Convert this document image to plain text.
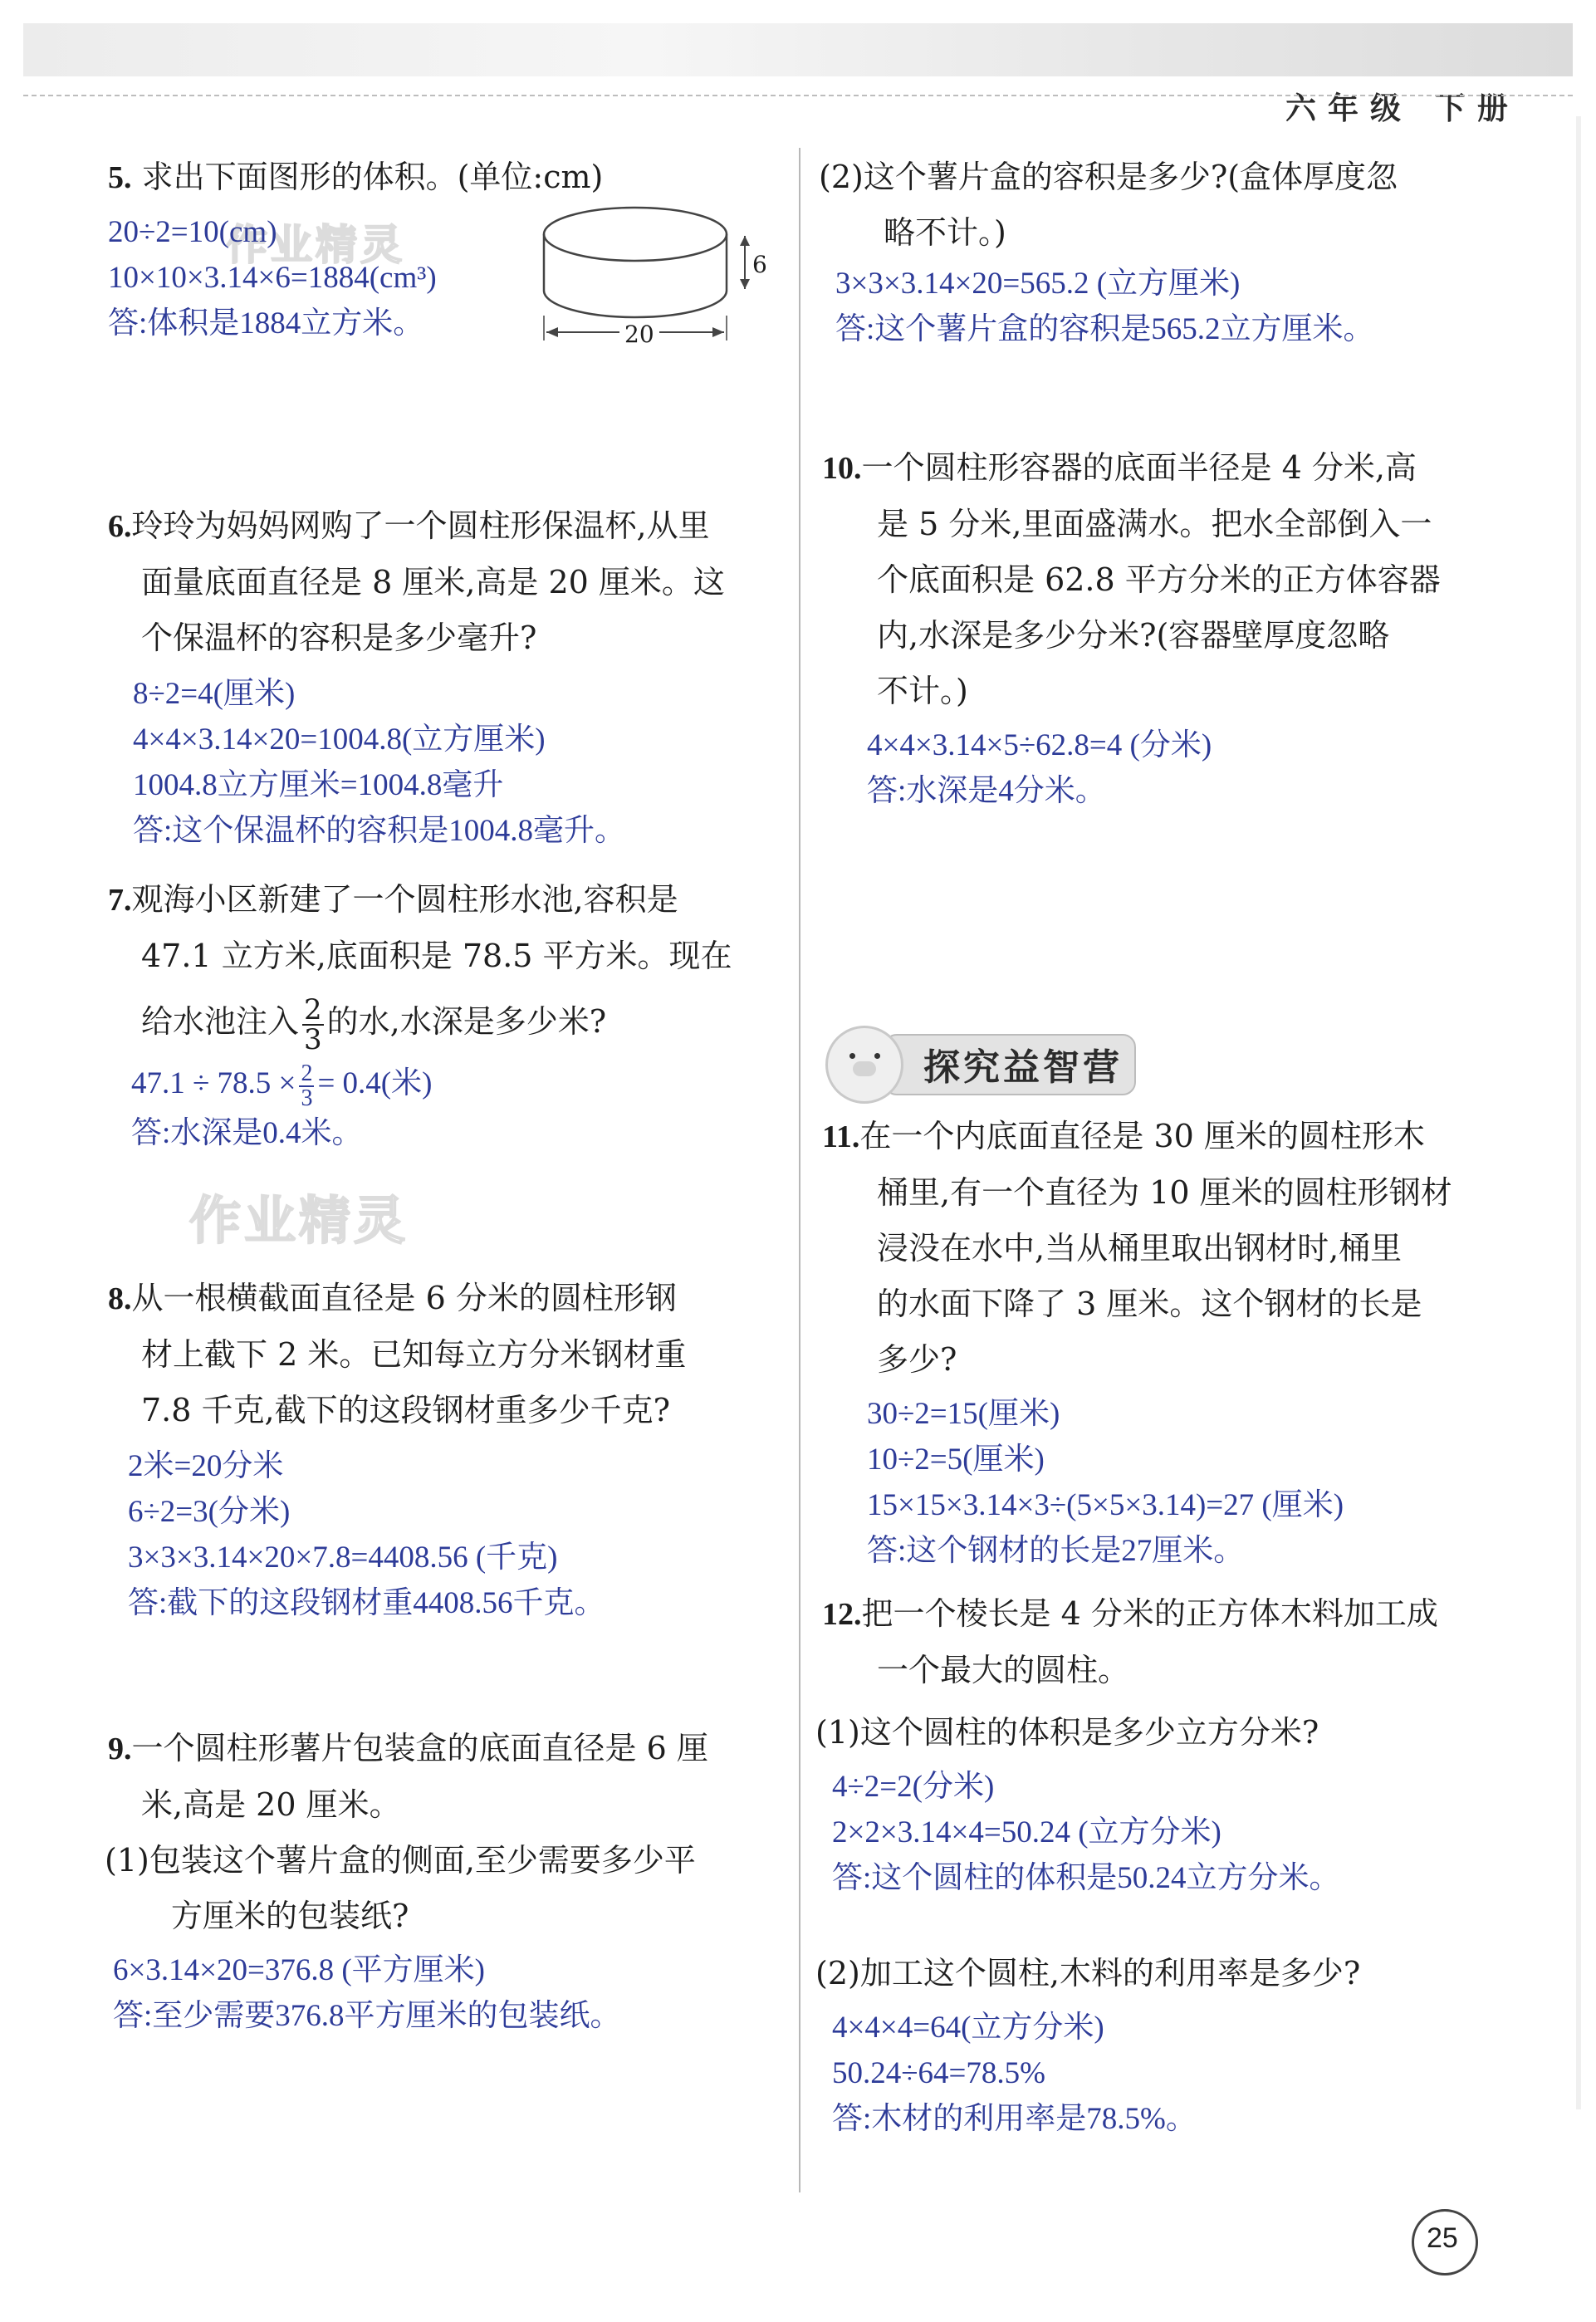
六年级 下册
作业精灵
作业精灵

5. 求出下面图形的体积。(单位:cm)

20÷2=10(cm)

10×10×3.14×6=1884(cm³)

答:体积是1884立方米。

6
20

6.玲玲为妈妈网购了一个圆柱形保温杯,从里

面量底面直径是 8 厘米,高是 20 厘米。这

个保温杯的容积是多少毫升?

8÷2=4(厘米)

4×4×3.14×20=1004.8(立方厘米)

1004.8立方厘米=1004.8毫升

答:这个保温杯的容积是1004.8毫升。

7.观海小区新建了一个圆柱形水池,容积是

47.1 立方米,底面积是 78.5 平方米。现在

给水池注入 $\frac{2}{3}$ 的水,水深是多少米?

$47.1 \div 78.5 \times \frac{2}{3} = 0.4$(米)

答:水深是0.4米。

8.从一根横截面直径是 6 分米的圆柱形钢

材上截下 2 米。已知每立方分米钢材重

7.8 千克,截下的这段钢材重多少千克?

2米=20分米

6÷2=3(分米)

3×3×3.14×20×7.8=4408.56 (千克)

答:截下的这段钢材重4408.56千克。

9.一个圆柱形薯片包装盒的底面直径是 6 厘

米,高是 20 厘米。

(1)包装这个薯片盒的侧面,至少需要多少平

方厘米的包装纸?

6×3.14×20=376.8 (平方厘米)

答:至少需要376.8平方厘米的包装纸。

(2)这个薯片盒的容积是多少?(盒体厚度忽

略不计。)

3×3×3.14×20=565.2 (立方厘米)

答:这个薯片盒的容积是565.2立方厘米。

10.一个圆柱形容器的底面半径是 4 分米,高

是 5 分米,里面盛满水。把水全部倒入一

个底面积是 62.8 平方分米的正方体容器

内,水深是多少分米?(容器壁厚度忽略

不计。)

4×4×3.14×5÷62.8=4 (分米)

答:水深是4分米。

探究益智营

11.在一个内底面直径是 30 厘米的圆柱形木

桶里,有一个直径为 10 厘米的圆柱形钢材

浸没在水中,当从桶里取出钢材时,桶里

的水面下降了 3 厘米。这个钢材的长是

多少?

30÷2=15(厘米)

10÷2=5(厘米)

15×15×3.14×3÷(5×5×3.14)=27 (厘米)

答:这个钢材的长是27厘米。

12.把一个棱长是 4 分米的正方体木料加工成

一个最大的圆柱。

(1)这个圆柱的体积是多少立方分米?

4÷2=2(分米)

2×2×3.14×4=50.24 (立方分米)

答:这个圆柱的体积是50.24立方分米。

(2)加工这个圆柱,木料的利用率是多少?

4×4×4=64(立方分米)

50.24÷64=78.5%

答:木材的利用率是78.5%。

25
